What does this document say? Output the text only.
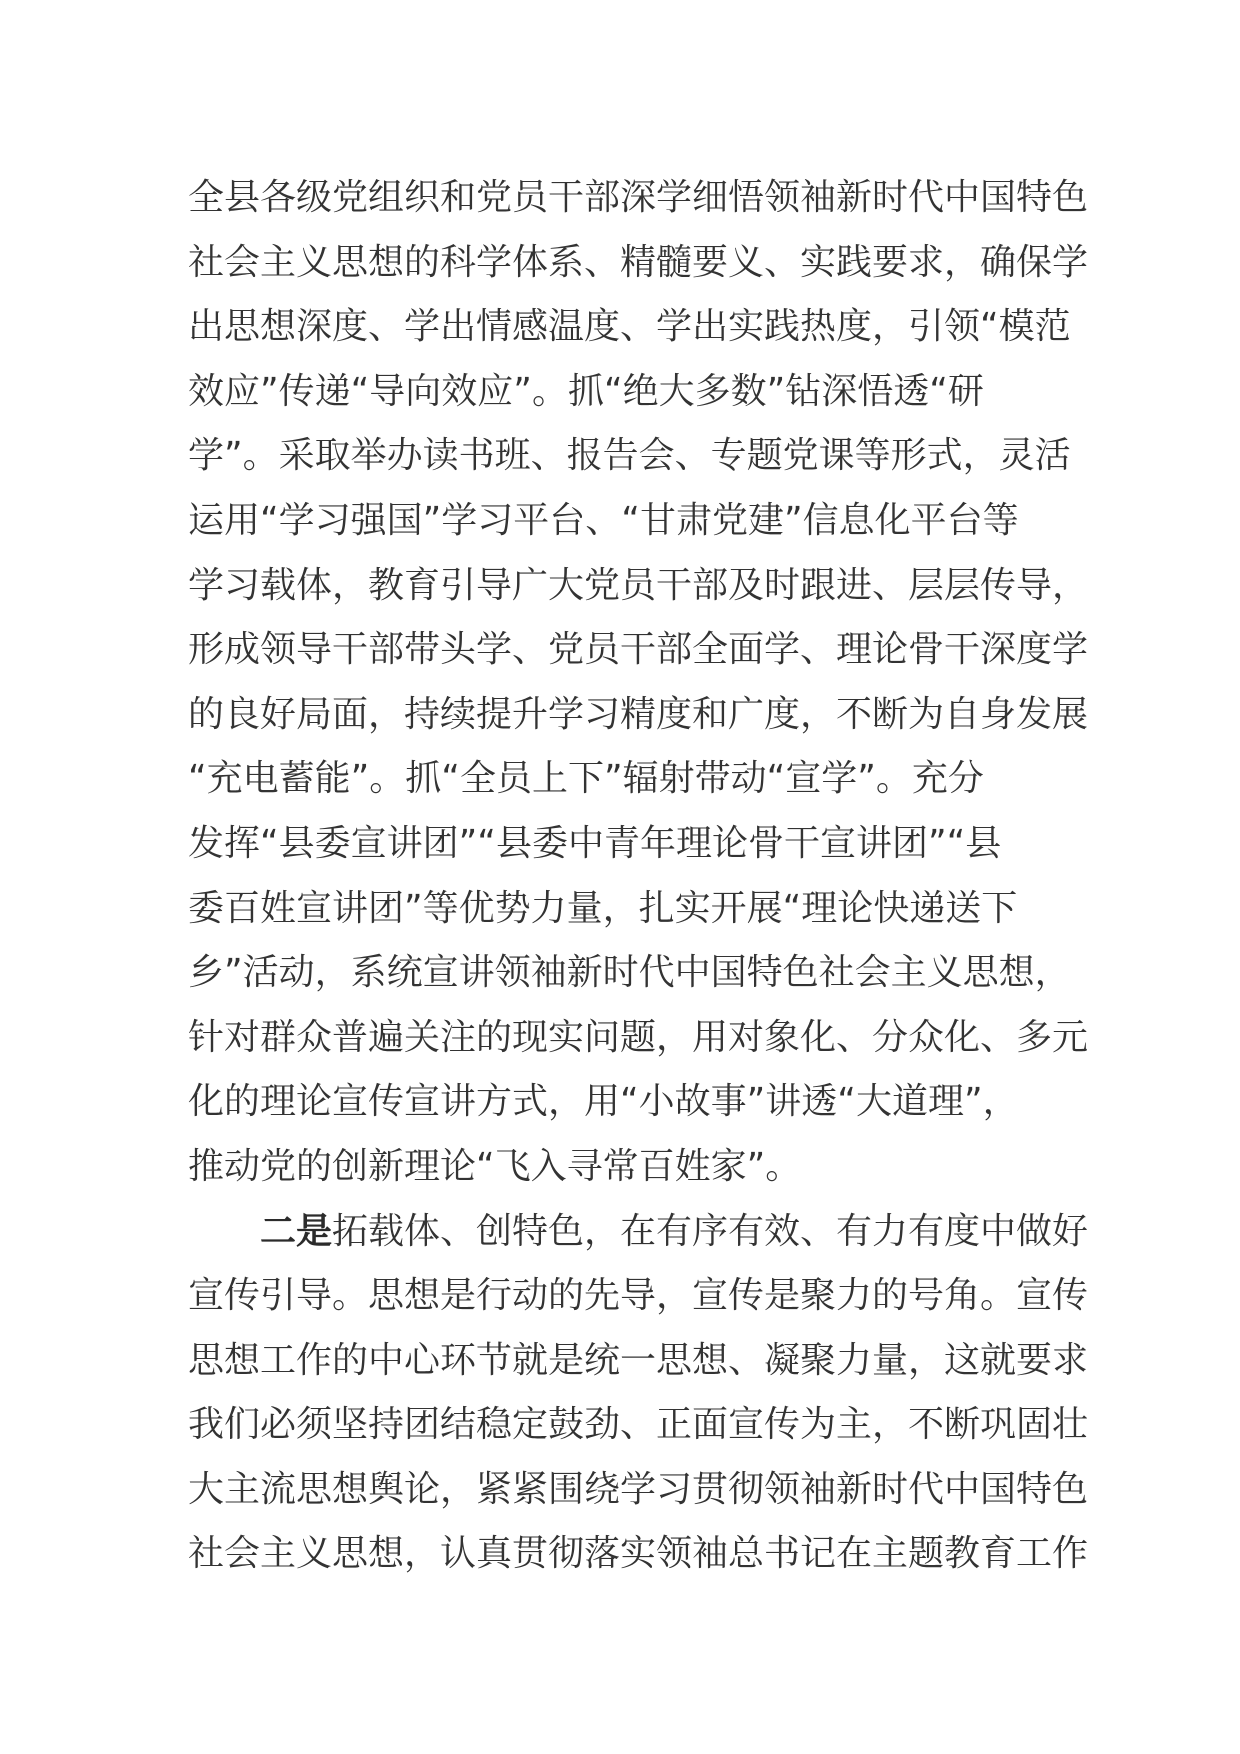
全县各级党组织和党员干部深学细悟领袖新时代中国特色
社会主义思想的科学体系、精髓要义、实践要求，确保学
出思想深度、学出情感温度、学出实践热度，引领“模范
效应”传递“导向效应”。抓“绝大多数”钻深悟透“研
学”。采取举办读书班、报告会、专题党课等形式，灵活
运用“学习强国”学习平台、“甘肃党建”信息化平台等
学习载体，教育引导广大党员干部及时跟进、层层传导，
形成领导干部带头学、党员干部全面学、理论骨干深度学
的良好局面，持续提升学习精度和广度，不断为自身发展
“充电蓄能”。抓“全员上下”辐射带动“宣学”。充分
发挥“县委宣讲团”“县委中青年理论骨干宣讲团”“县
委百姓宣讲团”等优势力量，扎实开展“理论快递送下
乡”活动，系统宣讲领袖新时代中国特色社会主义思想，
针对群众普遍关注的现实问题，用对象化、分众化、多元
化的理论宣传宣讲方式，用“小故事”讲透“大道理”，
推动党的创新理论“飞入寻常百姓家”。
二是拓载体、创特色，在有序有效、有力有度中做好
宣传引导。思想是行动的先导，宣传是聚力的号角。宣传
思想工作的中心环节就是统一思想、凝聚力量，这就要求
我们必须坚持团结稳定鼓劲、正面宣传为主，不断巩固壮
大主流思想舆论，紧紧围绕学习贯彻领袖新时代中国特色
社会主义思想，认真贯彻落实领袖总书记在主题教育工作
